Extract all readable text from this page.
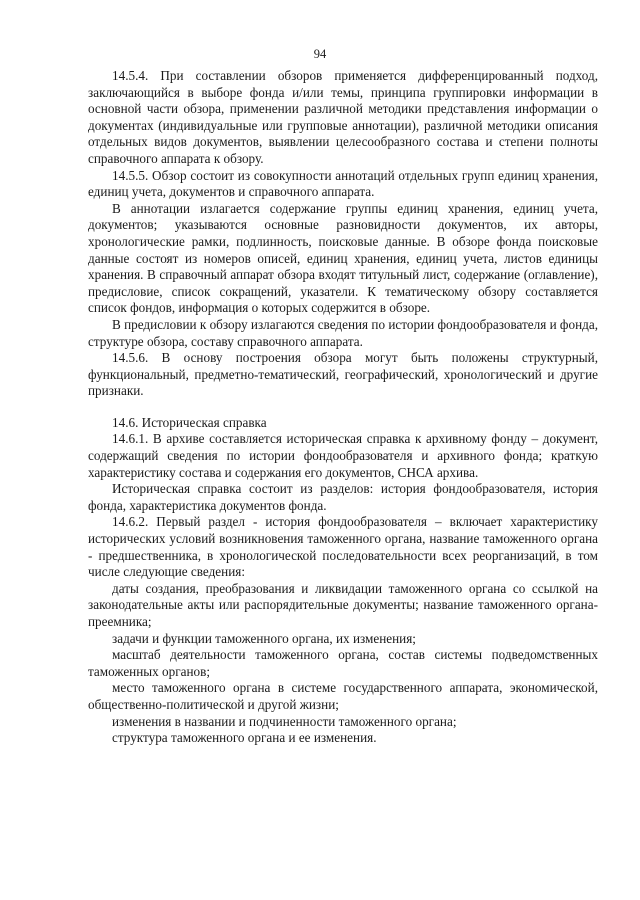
94

14.5.4. При составлении обзоров применяется дифференцированный подход, заключающийся в выборе фонда и/или темы, принципа группировки информации в основной части обзора, применении различной методики представления информации о документах (индивидуальные или групповые аннотации), различной методики описания отдельных видов документов, выявлении целесообразного состава и степени полноты справочного аппарата к обзору.

14.5.5. Обзор состоит из совокупности аннотаций отдельных групп единиц хранения, единиц учета, документов и справочного аппарата.

В аннотации излагается содержание группы единиц хранения, единиц учета, документов; указываются основные разновидности документов, их авторы, хронологические рамки, подлинность, поисковые данные. В обзоре фонда поисковые данные состоят из номеров описей, единиц хранения, единиц учета, листов единицы хранения. В справочный аппарат обзора входят титульный лист, содержание (оглавление), предисловие, список сокращений, указатели. К тематическому обзору составляется список фондов, информация о которых содержится в обзоре.

В предисловии к обзору излагаются сведения по истории фондообразователя и фонда, структуре обзора, составу справочного аппарата.

14.5.6. В основу построения обзора могут быть положены структурный, функциональный, предметно-тематический, географический, хронологический и другие признаки.

14.6. Историческая справка

14.6.1. В архиве составляется историческая справка к архивному фонду – документ, содержащий сведения по истории фондообразователя и архивного фонда; краткую характеристику состава и содержания его документов, СНСА архива.

Историческая справка состоит из разделов: история фондообразователя, история фонда, характеристика документов фонда.

14.6.2. Первый раздел - история фондообразователя – включает характеристику исторических условий возникновения таможенного органа, название таможенного органа - предшественника, в хронологической последовательности всех реорганизаций, в том числе следующие сведения:

даты создания, преобразования и ликвидации таможенного органа со ссылкой на законодательные акты или распорядительные документы; название таможенного органа-преемника;

задачи и функции таможенного органа, их изменения;

масштаб деятельности таможенного органа, состав системы подведомственных таможенных органов;

место таможенного органа в системе государственного аппарата, экономической, общественно-политической и другой жизни;

изменения в названии и подчиненности таможенного органа;

структура таможенного органа и ее изменения.
